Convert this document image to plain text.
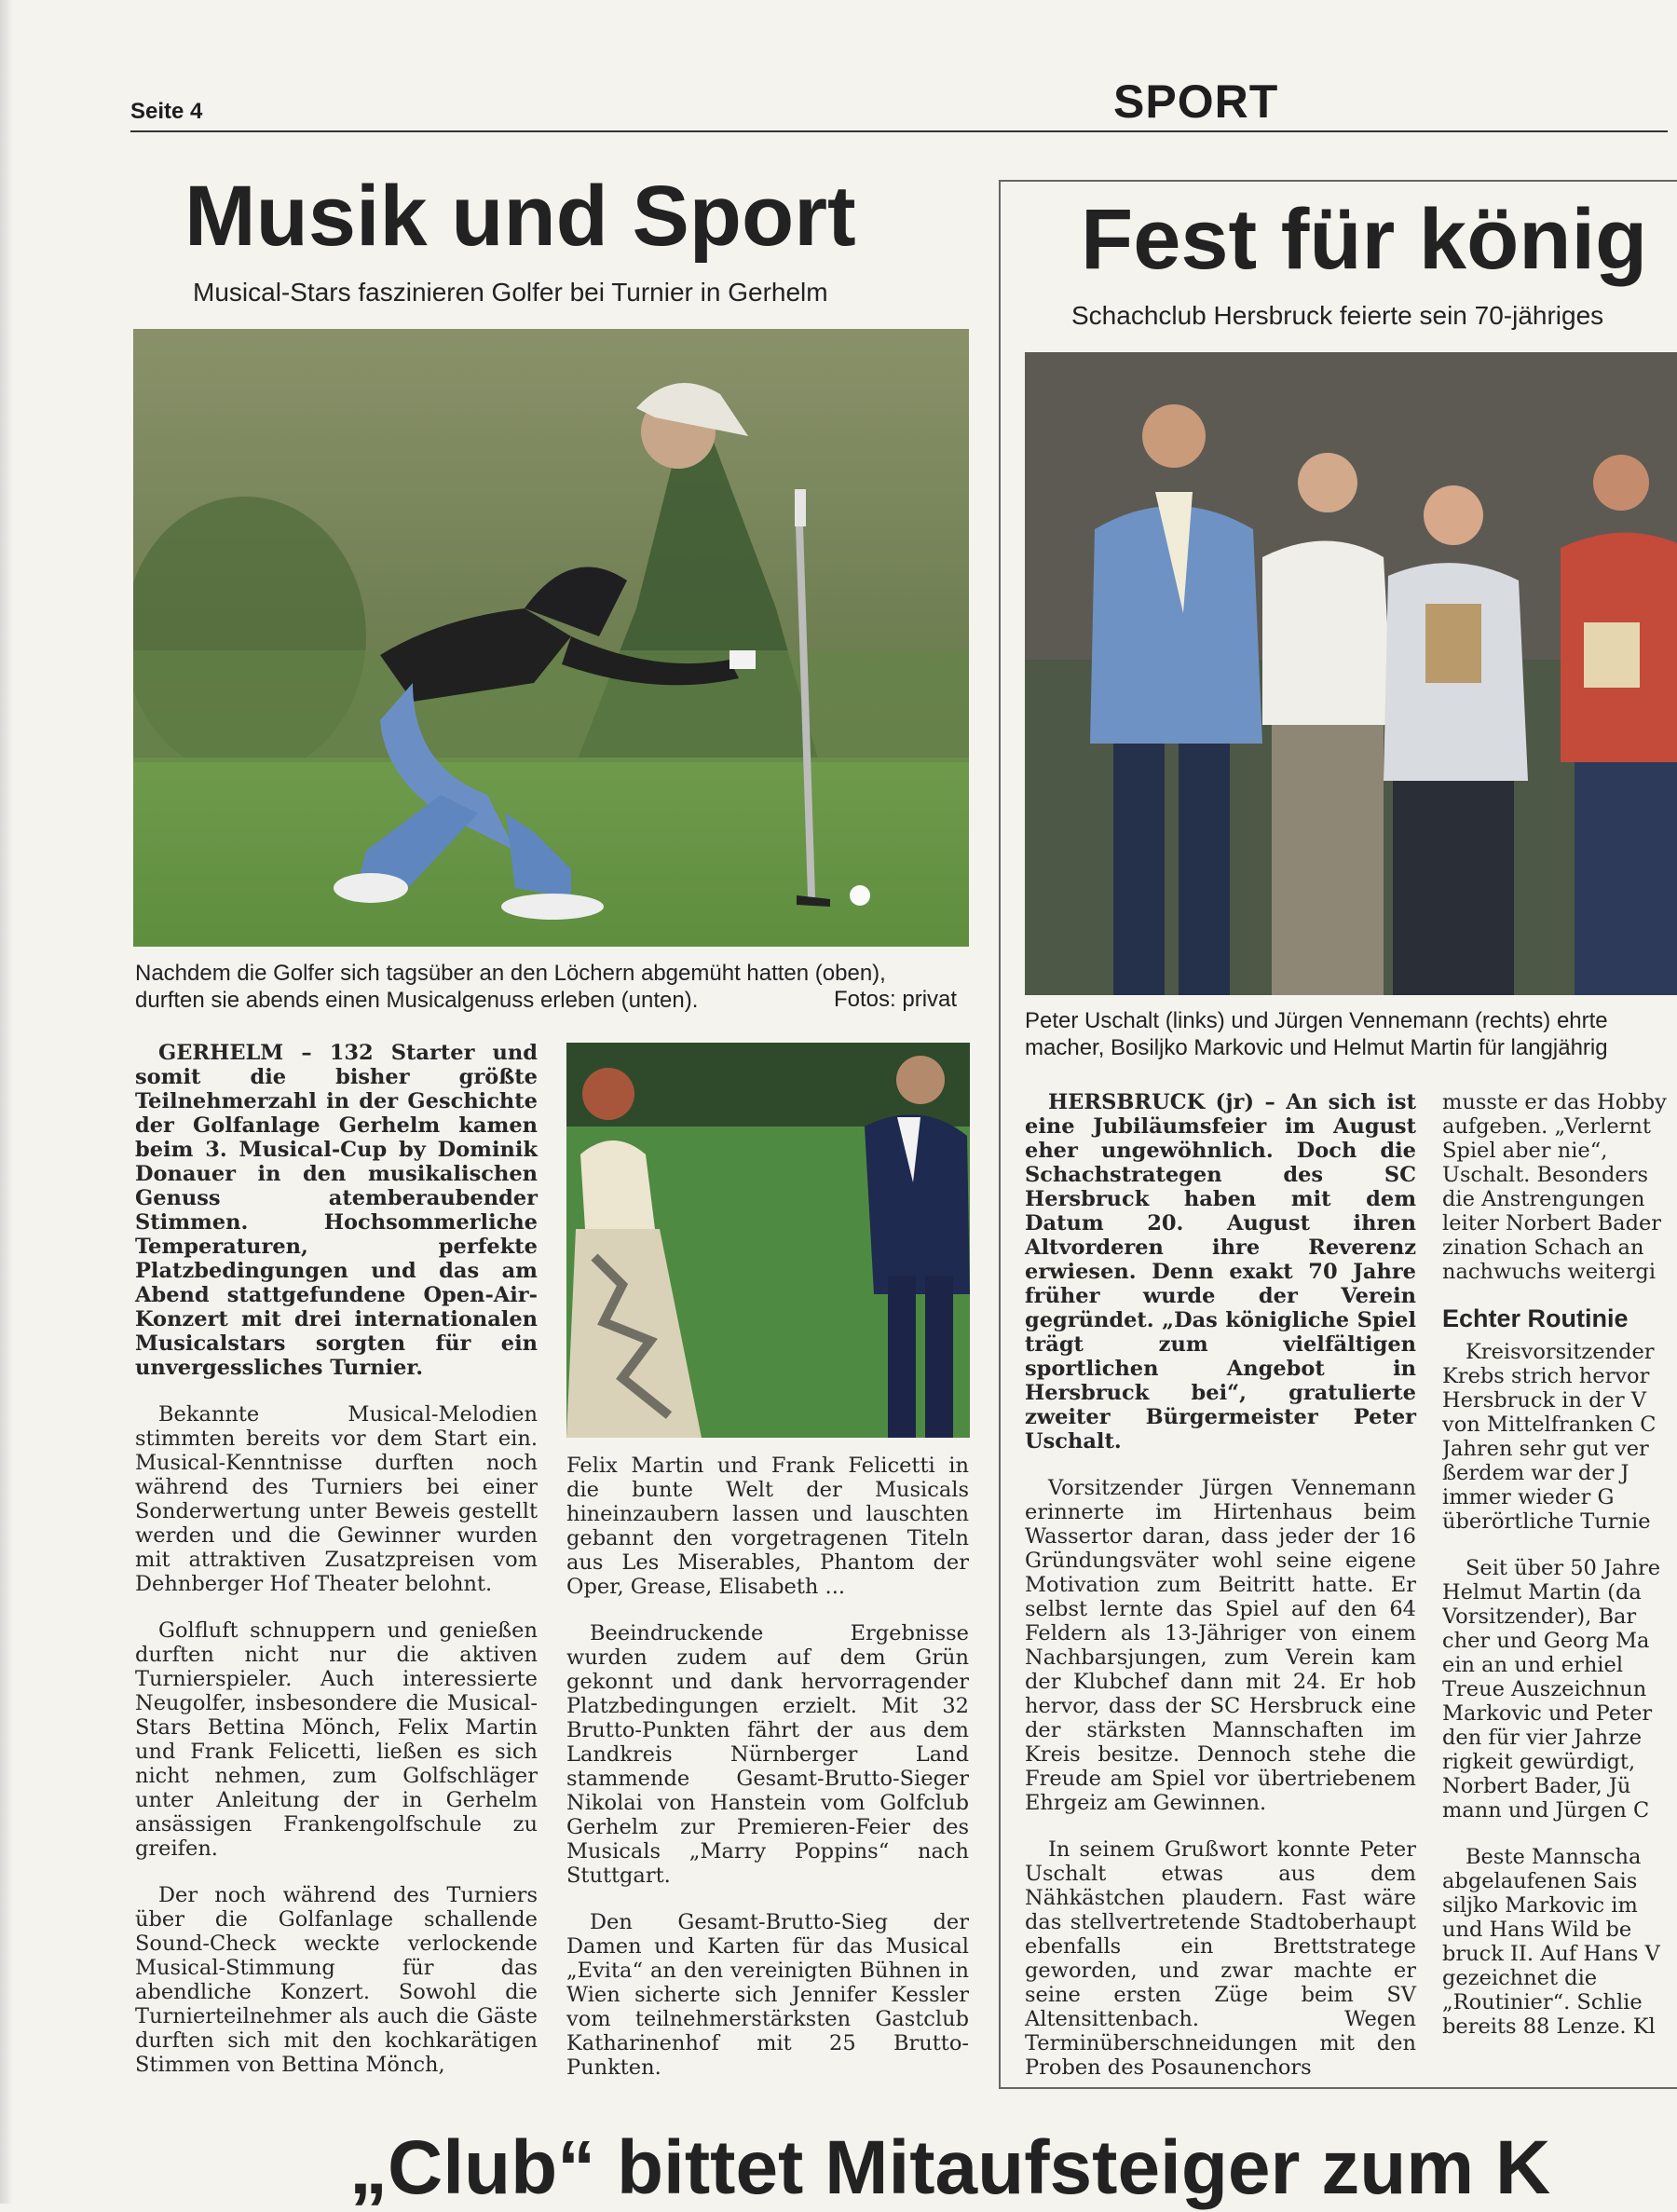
Seite 4	SPORT
Musik und Sport
Musical-Stars faszinieren Golfer bei Turnier in Gerhelm
Nachdem die Golfer sich tagsüber an den Löchern abgemüht hatten (oben),
durften sie abends einen Musicalgenuss erleben (unten).	Fotos: privat

GERHELM – 132 Starter und somit die bisher größte Teilnehmerzahl in der Geschichte der Golfanlage Gerhelm kamen beim 3. Musical-Cup by Dominik Donauer in den musikalischen Genuss atemberaubender Stimmen. Hochsommerliche Temperaturen, perfekte Platzbedingungen und das am Abend stattgefundene Open-Air-Konzert mit drei internationalen Musicalstars sorgten für ein unvergessliches Turnier.

Bekannte Musical-Melodien stimmten bereits vor dem Start ein. Musical-Kenntnisse durften noch während des Turniers bei einer Sonderwertung unter Beweis gestellt werden und die Gewinner wurden mit attraktiven Zusatzpreisen vom Dehnberger Hof Theater belohnt.

Golfluft schnuppern und genießen durften nicht nur die aktiven Turnierspieler. Auch interessierte Neugolfer, insbesondere die Musical-Stars Bettina Mönch, Felix Martin und Frank Felicetti, ließen es sich nicht nehmen, zum Golfschläger unter Anleitung der in Gerhelm ansässigen Frankengolfschule zu greifen.

Der noch während des Turniers über die Golfanlage schallende Sound-Check weckte verlockende Musical-Stimmung für das abendliche Konzert. Sowohl die Turnierteilnehmer als auch die Gäste durften sich mit den kochkarätigen Stimmen von Bettina Mönch,

Felix Martin und Frank Felicetti in die bunte Welt der Musicals hineinzaubern lassen und lauschten gebannt den vorgetragenen Titeln aus Les Miserables, Phantom der Oper, Grease, Elisabeth ...

Beeindruckende Ergebnisse wurden zudem auf dem Grün gekonnt und dank hervorragender Platzbedingungen erzielt. Mit 32 Brutto-Punkten fährt der aus dem Landkreis Nürnberger Land stammende Gesamt-Brutto-Sieger Nikolai von Hanstein vom Golfclub Gerhelm zur Premieren-Feier des Musicals „Marry Poppins“ nach Stuttgart.

Den Gesamt-Brutto-Sieg der Damen und Karten für das Musical „Evita“ an den vereinigten Bühnen in Wien sicherte sich Jennifer Kessler vom teilnehmerstärksten Gastclub Katharinenhof mit 25 Brutto-Punkten.

Fest für könig
Schachclub Hersbruck feierte sein 70-jähriges
Peter Uschalt (links) und Jürgen Vennemann (rechts) ehrte
macher, Bosiljko Markovic und Helmut Martin für langjährig

HERSBRUCK (jr) – An sich ist eine Jubiläumsfeier im August eher ungewöhnlich. Doch die Schachstrategen des SC Hersbruck haben mit dem Datum 20. August ihren Altvorderen ihre Reverenz erwiesen. Denn exakt 70 Jahre früher wurde der Verein gegründet. „Das königliche Spiel trägt zum vielfältigen sportlichen Angebot in Hersbruck bei“, gratulierte zweiter Bürgermeister Peter Uschalt.

Vorsitzender Jürgen Vennemann erinnerte im Hirtenhaus beim Wassertor daran, dass jeder der 16 Gründungsväter wohl seine eigene Motivation zum Beitritt hatte. Er selbst lernte das Spiel auf den 64 Feldern als 13-Jähriger von einem Nachbarsjungen, zum Verein kam der Klubchef dann mit 24. Er hob hervor, dass der SC Hersbruck eine der stärksten Mannschaften im Kreis besitze. Dennoch stehe die Freude am Spiel vor übertriebenem Ehrgeiz am Gewinnen.

In seinem Grußwort konnte Peter Uschalt etwas aus dem Nähkästchen plaudern. Fast wäre das stellvertretende Stadtoberhaupt ebenfalls ein Brettstratege geworden, und zwar machte er seine ersten Züge beim SV Altensittenbach. Wegen Terminüberschneidungen mit den Proben des Posaunenchors

musste er das Hobby
aufgeben. „Verlernt
Spiel aber nie“,
Uschalt. Besonders
die Anstrengungen
leiter Norbert Bader
zination Schach an
nachwuchs weitergi
Echter Routinie
Kreisvorsitzender
Krebs strich hervor
Hersbruck in der V
von Mittelfranken C
Jahren sehr gut ver
ßerdem war der J
immer wieder G
überörtliche Turnie
Seit über 50 Jahre
Helmut Martin (da
Vorsitzender), Bar
cher und Georg Ma
ein an und erhiel
Treue Auszeichnun
Markovic und Peter
den für vier Jahrze
rigkeit gewürdigt,
Norbert Bader, Jü
mann und Jürgen C
Beste Mannscha
abgelaufenen Sais
siljko Markovic im
und Hans Wild be
bruck II. Auf Hans V
gezeichnet die
„Routinier“. Schlie
bereits 88 Lenze. Kl
„Club“ bittet Mitaufsteiger zum K
